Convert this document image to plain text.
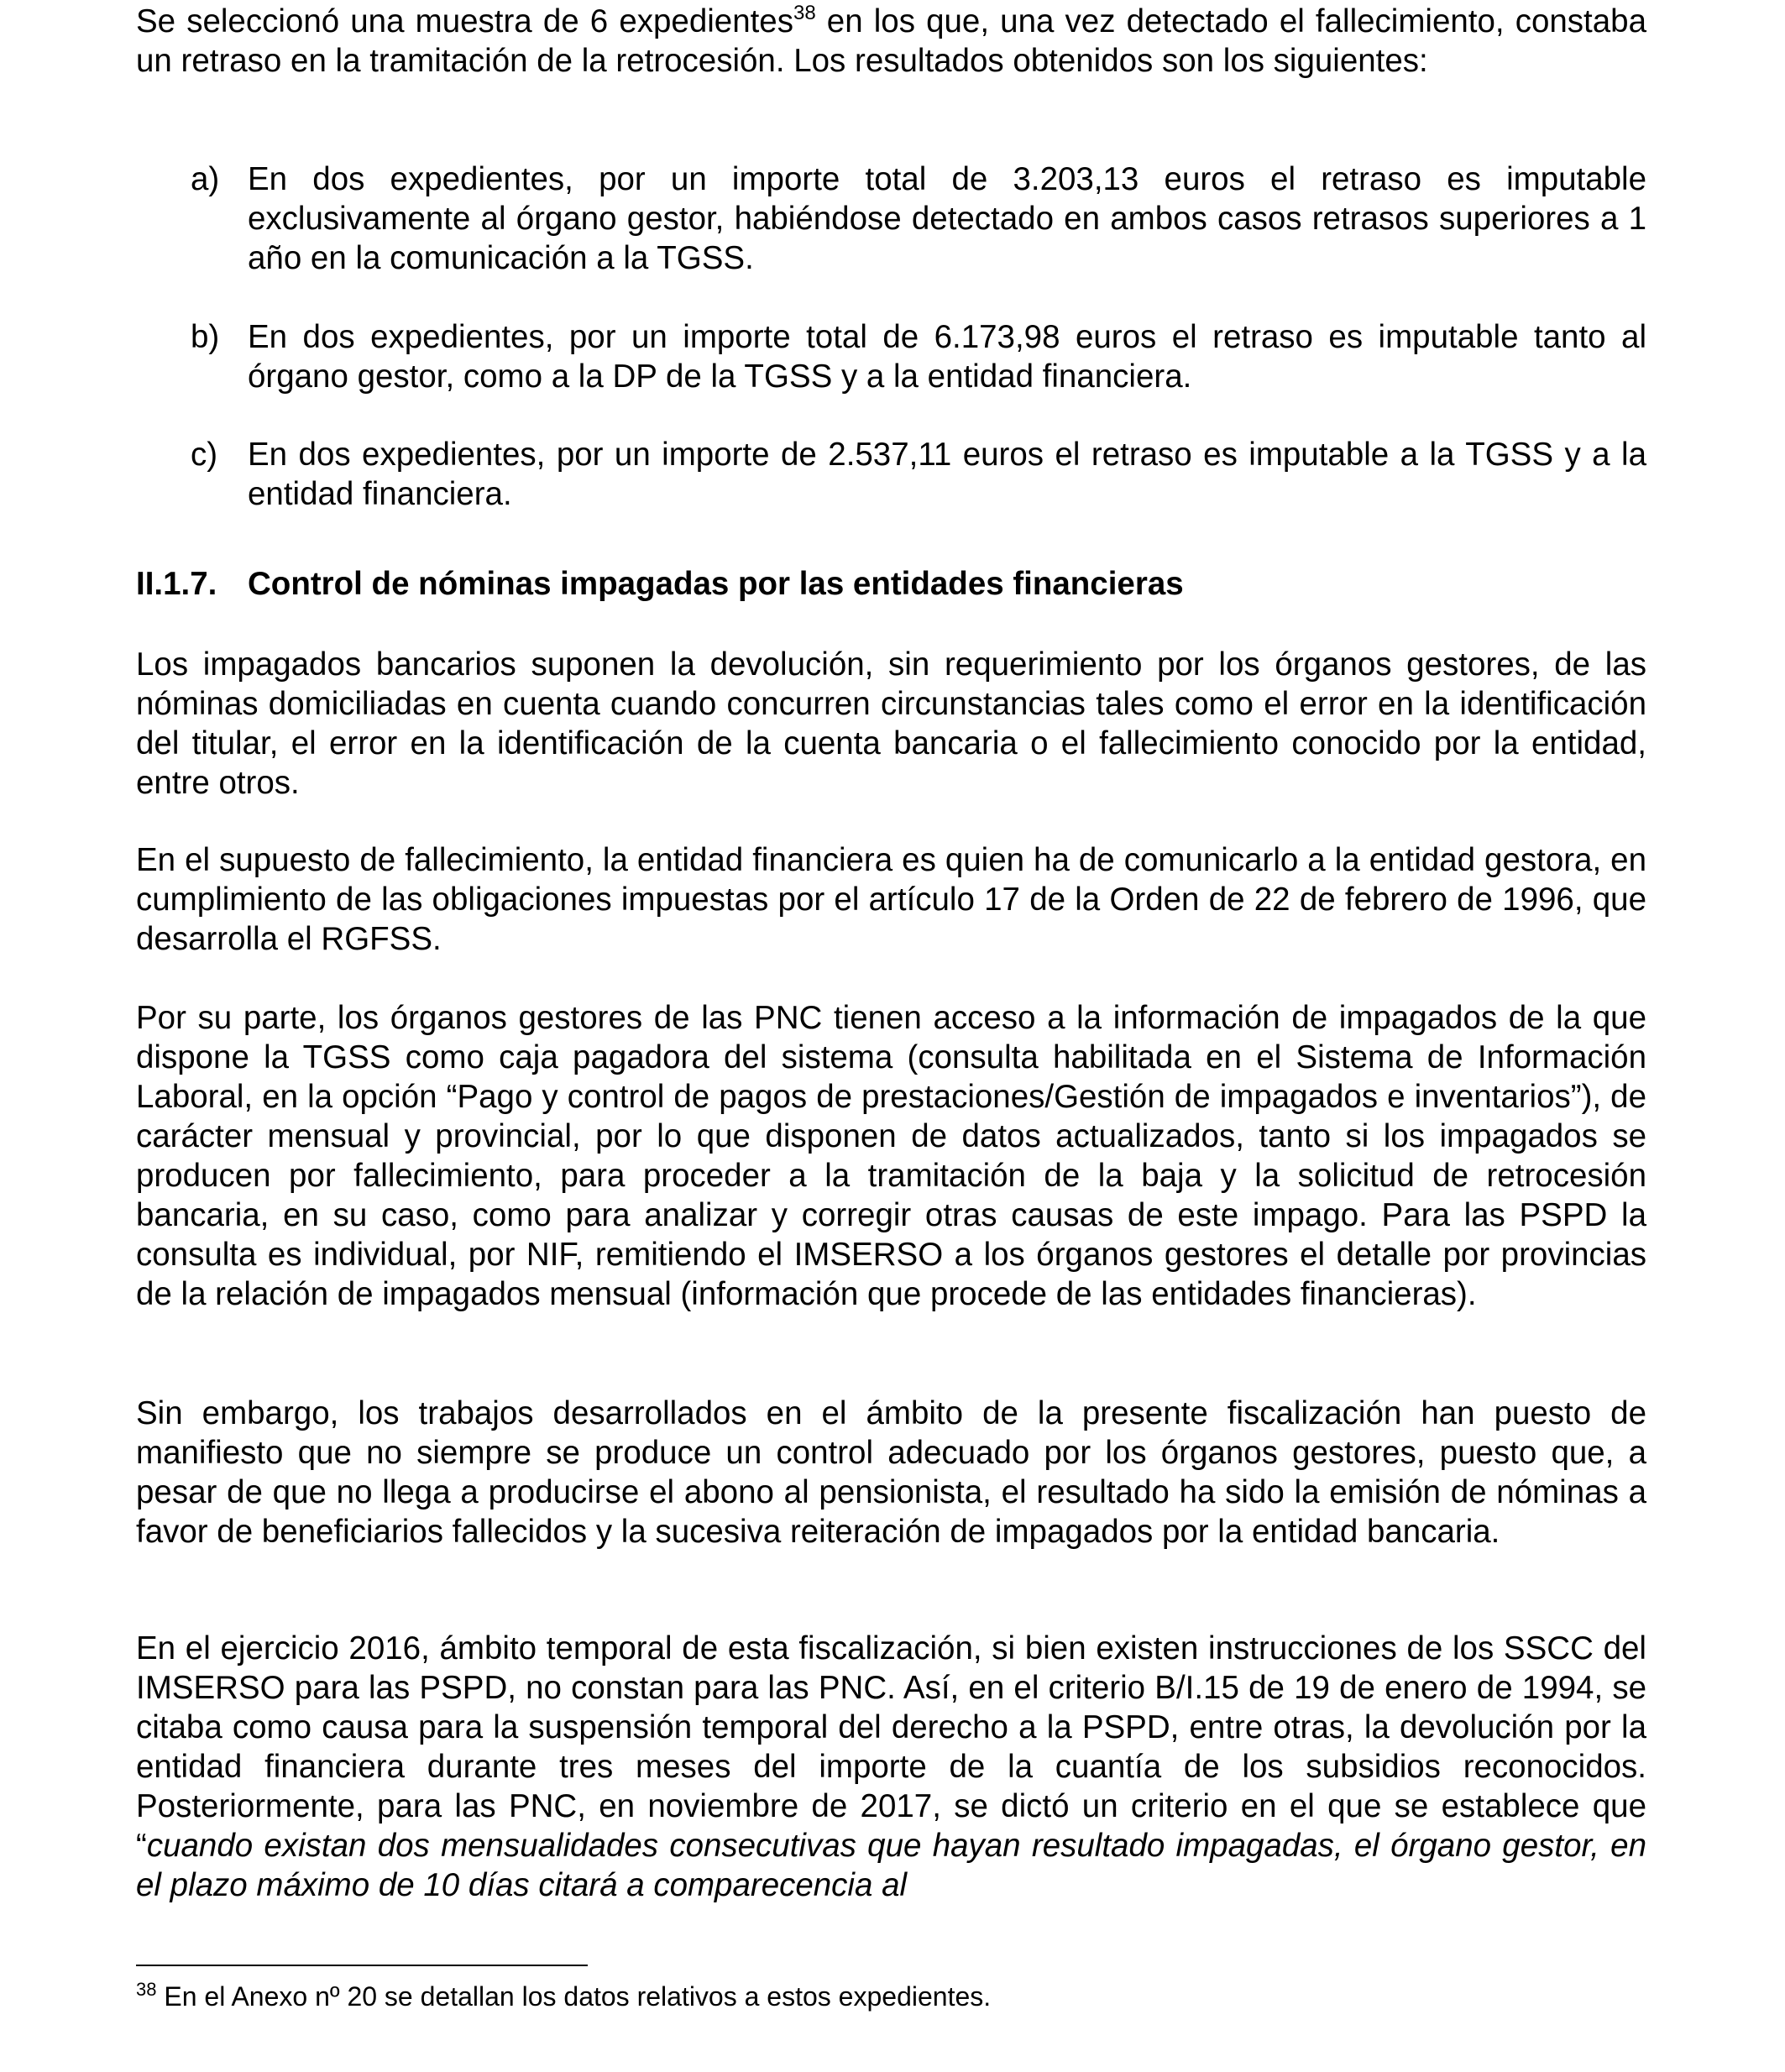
Se seleccionó una muestra de 6 expedientes$^{38}$ en los que, una vez detectado el fallecimiento, constaba un retraso en la tramitación de la retrocesión. Los resultados obtenidos son los siguientes:

a) En dos expedientes, por un importe total de 3.203,13 euros el retraso es imputable exclusivamente al órgano gestor, habiéndose detectado en ambos casos retrasos superiores a 1 año en la comunicación a la TGSS.

b) En dos expedientes, por un importe total de 6.173,98 euros el retraso es imputable tanto al órgano gestor, como a la DP de la TGSS y a la entidad financiera.

c) En dos expedientes, por un importe de 2.537,11 euros el retraso es imputable a la TGSS y a la entidad financiera.

II.1.7. Control de nóminas impagadas por las entidades financieras

Los impagados bancarios suponen la devolución, sin requerimiento por los órganos gestores, de las nóminas domiciliadas en cuenta cuando concurren circunstancias tales como el error en la identificación del titular, el error en la identificación de la cuenta bancaria o el fallecimiento conocido por la entidad, entre otros.

En el supuesto de fallecimiento, la entidad financiera es quien ha de comunicarlo a la entidad gestora, en cumplimiento de las obligaciones impuestas por el artículo 17 de la Orden de 22 de febrero de 1996, que desarrolla el RGFSS.

Por su parte, los órganos gestores de las PNC tienen acceso a la información de impagados de la que dispone la TGSS como caja pagadora del sistema (consulta habilitada en el Sistema de Información Laboral, en la opción “Pago y control de pagos de prestaciones/Gestión de impagados e inventarios”), de carácter mensual y provincial, por lo que disponen de datos actualizados, tanto si los impagados se producen por fallecimiento, para proceder a la tramitación de la baja y la solicitud de retrocesión bancaria, en su caso, como para analizar y corregir otras causas de este impago. Para las PSPD la consulta es individual, por NIF, remitiendo el IMSERSO a los órganos gestores el detalle por provincias de la relación de impagados mensual (información que procede de las entidades financieras).

Sin embargo, los trabajos desarrollados en el ámbito de la presente fiscalización han puesto de manifiesto que no siempre se produce un control adecuado por los órganos gestores, puesto que, a pesar de que no llega a producirse el abono al pensionista, el resultado ha sido la emisión de nóminas a favor de beneficiarios fallecidos y la sucesiva reiteración de impagados por la entidad bancaria.

En el ejercicio 2016, ámbito temporal de esta fiscalización, si bien existen instrucciones de los SSCC del IMSERSO para las PSPD, no constan para las PNC. Así, en el criterio B/I.15 de 19 de enero de 1994, se citaba como causa para la suspensión temporal del derecho a la PSPD, entre otras, la devolución por la entidad financiera durante tres meses del importe de la cuantía de los subsidios reconocidos. Posteriormente, para las PNC, en noviembre de 2017, se dictó un criterio en el que se establece que “cuando existan dos mensualidades consecutivas que hayan resultado impagadas, el órgano gestor, en el plazo máximo de 10 días citará a comparecencia al

$^{38}$ En el Anexo nº 20 se detallan los datos relativos a estos expedientes.
